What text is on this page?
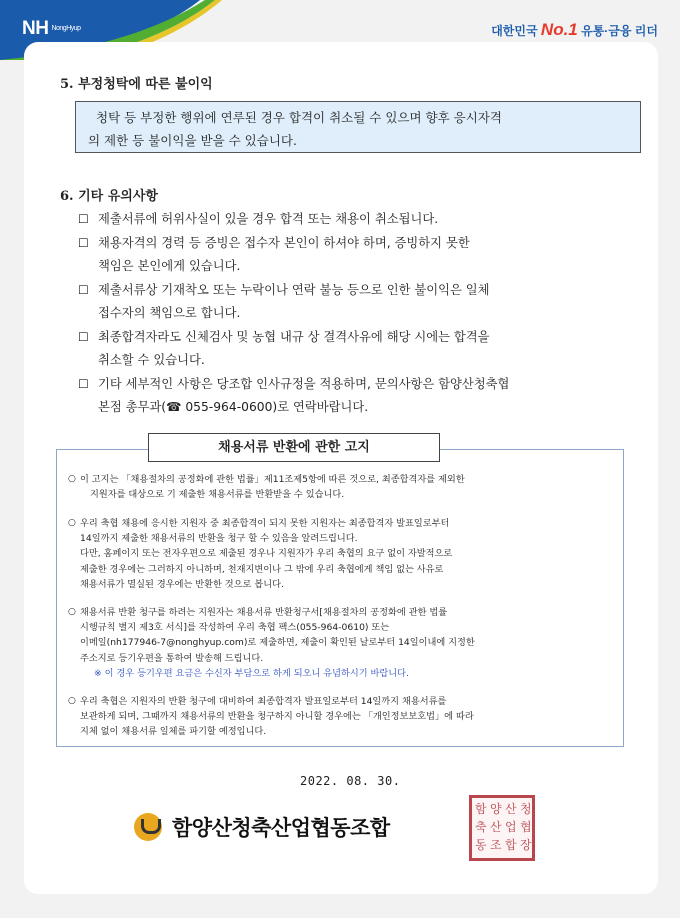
NH NongHyup	대한민국 No.1 유통·금융 리더
5. 부정청탁에 따른 불이익
청탁 등 부정한 행위에 연루된 경우 합격이 취소될 수 있으며 향후 응시자격
의 제한 등 불이익을 받을 수 있습니다.
6. 기타 유의사항
☐ 제출서류에 허위사실이 있을 경우 합격 또는 채용이 취소됩니다.
☐ 채용자격의 경력 등 증빙은 접수자 본인이 하셔야 하며, 증빙하지 못한
책임은 본인에게 있습니다.
☐ 제출서류상 기재착오 또는 누락이나 연락 불능 등으로 인한 불이익은 일체
접수자의 책임으로 합니다.
☐ 최종합격자라도 신체검사 및 농협 내규 상 결격사유에 해당 시에는 합격을
취소할 수 있습니다.
☐ 기타 세부적인 사항은 당조합 인사규정을 적용하며, 문의사항은 함양산청축협
본점 총무과(☎ 055-964-0600)로 연락바랍니다.
채용서류 반환에 관한 고지
○ 이 고지는 「채용절차의 공정화에 관한 법률」제11조제5항에 따른 것으로, 최종합격자를 제외한
지원자를 대상으로 기 제출한 채용서류를 반환받을 수 있습니다.
○ 우리 축협 채용에 응시한 지원자 중 최종합격이 되지 못한 지원자는 최종합격자 발표일로부터
14일까지 제출한 채용서류의 반환을 청구 할 수 있음을 알려드립니다.
다만, 홈페이지 또는 전자우편으로 제출된 경우나 지원자가 우리 축협의 요구 없이 자발적으로
제출한 경우에는 그러하지 아니하며, 천재지변이나 그 밖에 우리 축협에게 책임 없는 사유로
채용서류가 멸실된 경우에는 반환한 것으로 봅니다.
○ 채용서류 반환 청구를 하려는 지원자는 채용서류 반환청구서[채용절차의 공정화에 관한 법률
시행규칙 별지 제3호 서식]를 작성하여 우리 축협 팩스(055-964-0610) 또는
이메일(nh177946-7@nonghyup.com)로 제출하면, 제출이 확인된 날로부터 14일이내에 지정한
주소지로 등기우편을 통하여 발송해 드립니다.
※ 이 경우 등기우편 요금은 수신자 부담으로 하게 되오니 유념하시기 바랍니다.
○ 우리 축협은 지원자의 반환 청구에 대비하여 최종합격자 발표일로부터 14일까지 채용서류를
보관하게 되며, 그때까지 채용서류의 반환을 청구하지 아니할 경우에는 「개인정보보호법」에 따라
지체 없이 채용서류 일체를 파기할 예정입니다.
2022. 08. 30.
함양산청축산업협동조합
함 양 산 청
축 산 업 협
동 조 합 장
